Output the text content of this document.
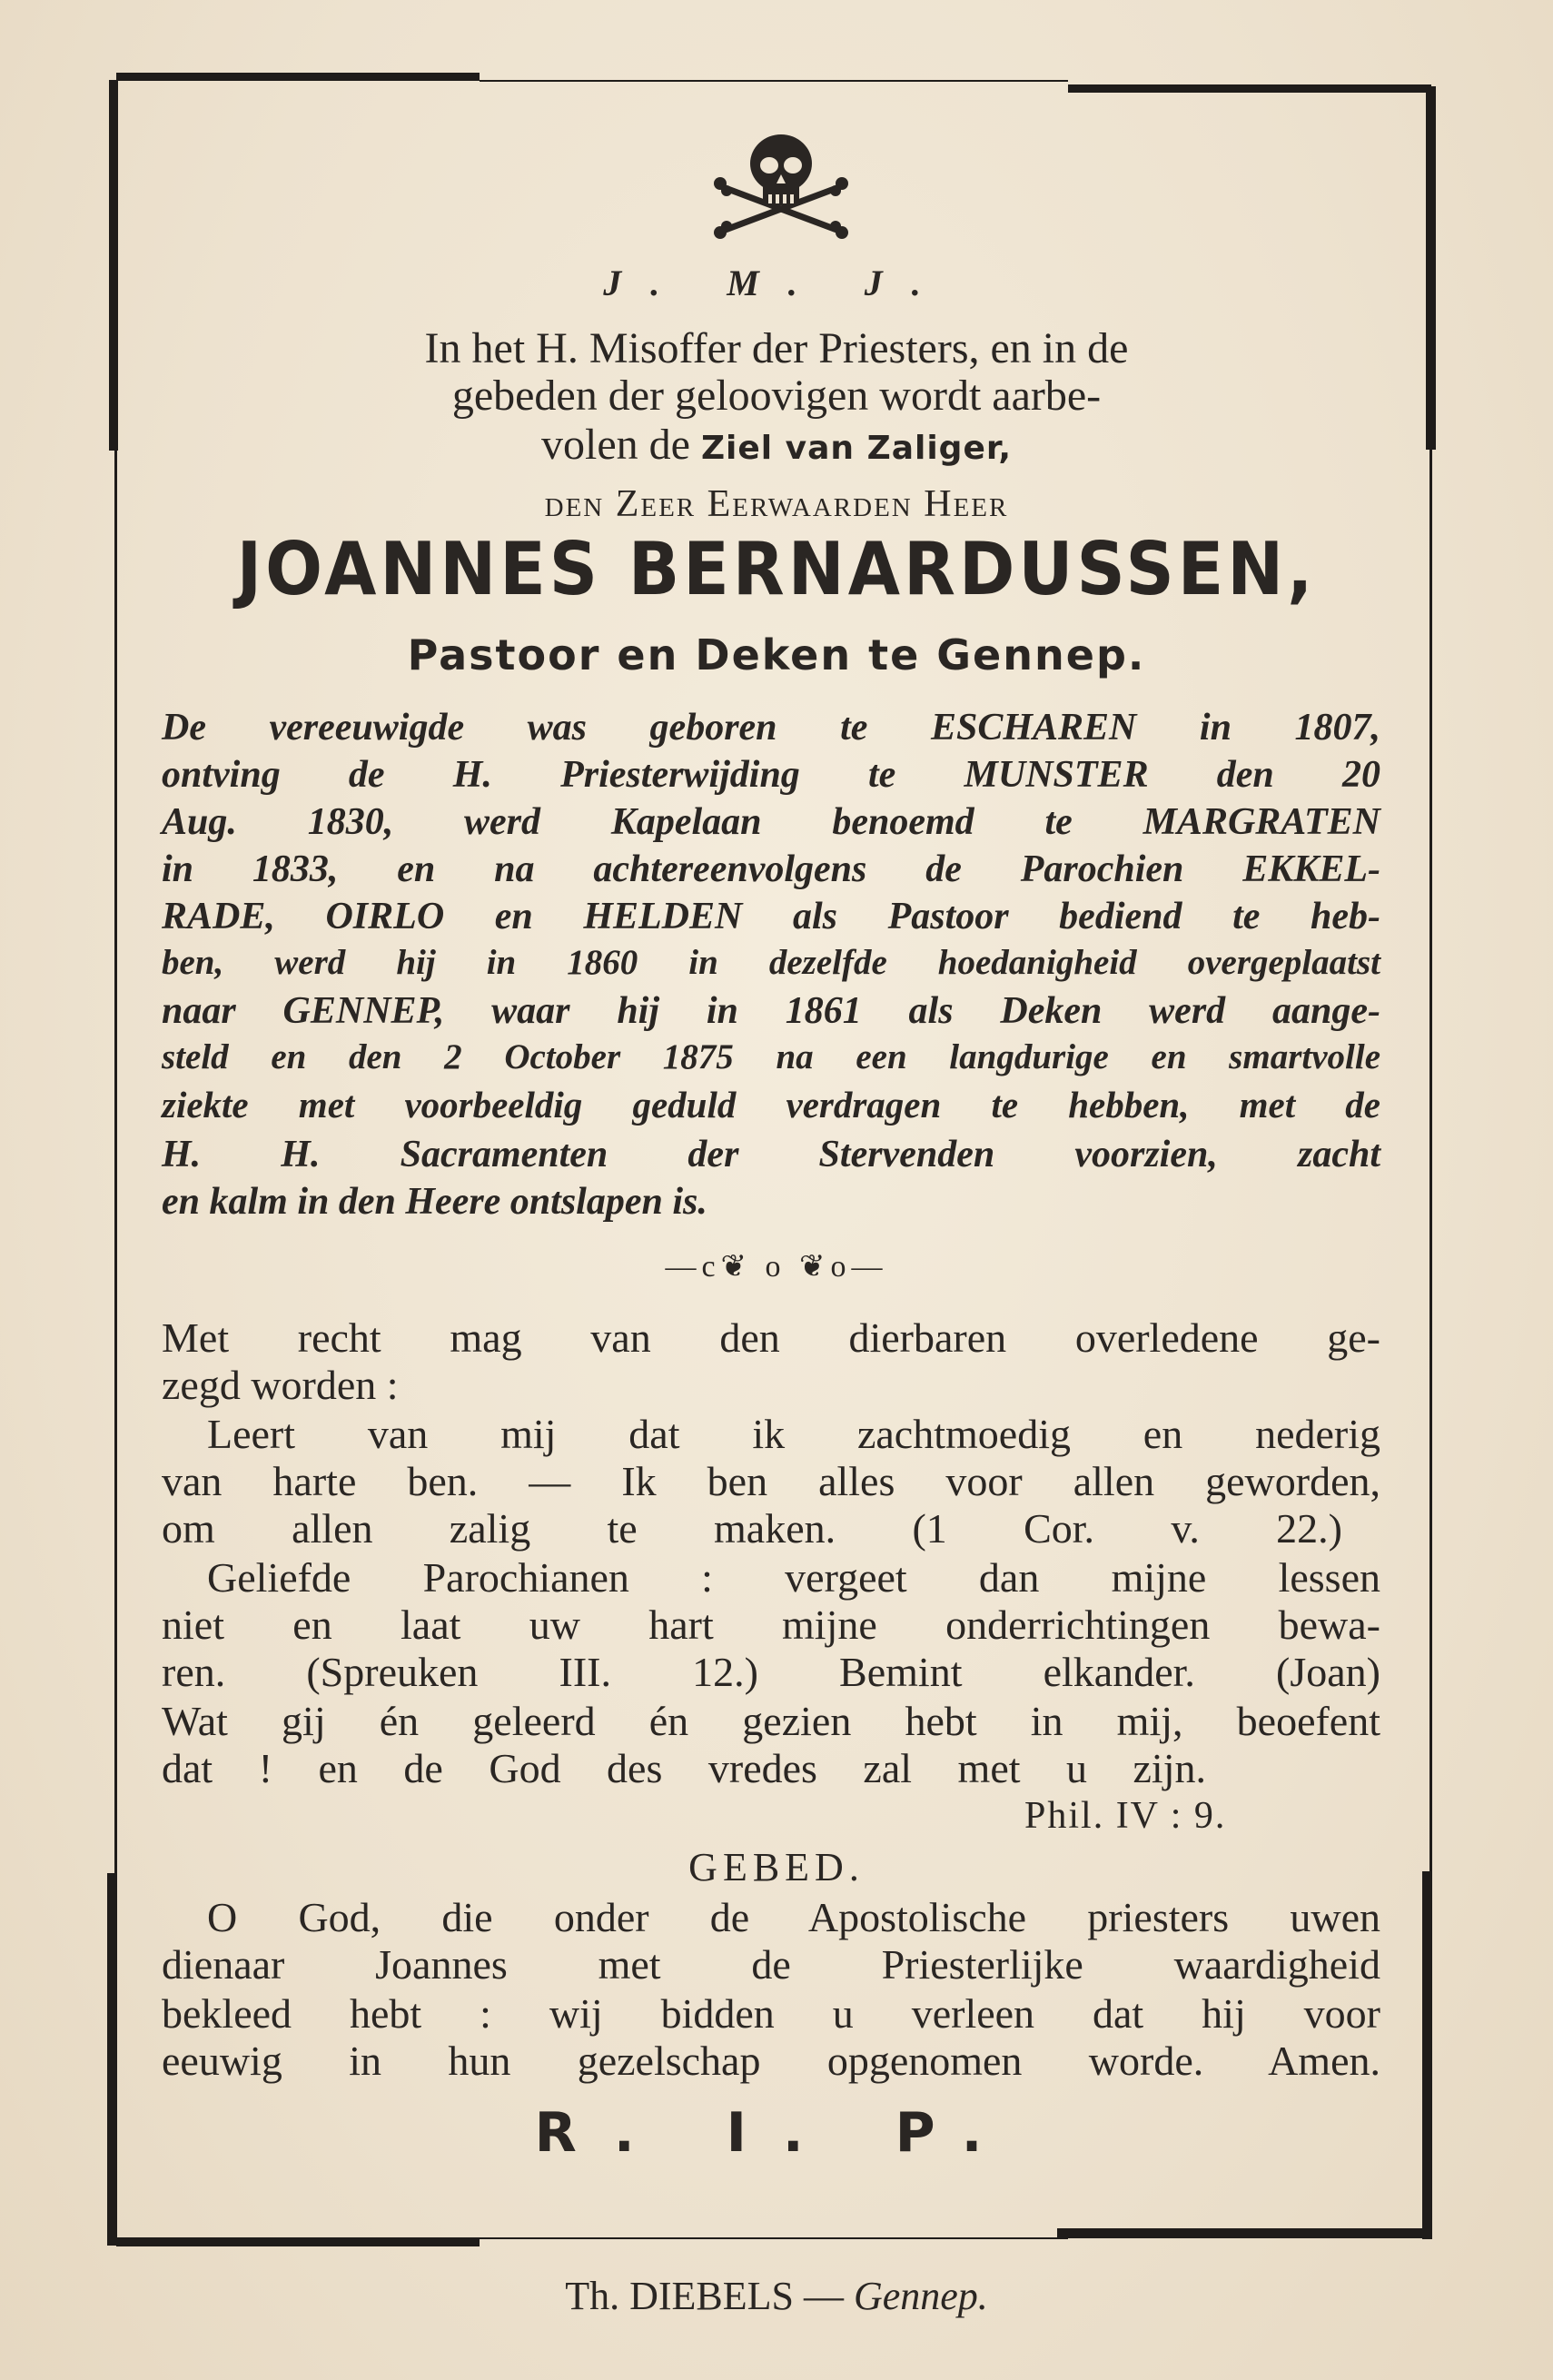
J. M. J.
In het H. Misoffer der Priesters, en in de
gebeden der geloovigen wordt aarbe-
volen de Ziel van Zaliger,
den Zeer Eerwaarden Heer
JOANNES BERNARDUSSEN,
Pastoor en Deken te Gennep.
De vereeuwigde was geboren te ESCHAREN in 1807,
ontving de H. Priesterwijding te MUNSTER den 20
Aug. 1830, werd Kapelaan benoemd te MARGRATEN
in 1833, en na achtereenvolgens de Parochien EKKEL-
RADE, OIRLO en HELDEN als Pastoor bediend te heb-
ben, werd hij in 1860 in dezelfde hoedanigheid overgeplaatst
naar GENNEP, waar hij in 1861 als Deken werd aange-
steld en den 2 October 1875 na een langdurige en smartvolle
ziekte met voorbeeldig geduld verdragen te hebben, met de
H. H. Sacramenten der Stervenden voorzien, zacht
en kalm in den Heere ontslapen is.
—c❦ o ❦o—
Met recht mag van den dierbaren overledene ge-
zegd worden :
Leert van mij dat ik zachtmoedig en nederig
van harte ben. — Ik ben alles voor allen geworden,
om allen zalig te maken. (1 Cor. v. 22.)
Geliefde Parochianen : vergeet dan mijne lessen
niet en laat uw hart mijne onderrichtingen bewa-
ren. (Spreuken III. 12.) Bemint elkander. (Joan)
Wat gij én geleerd én gezien hebt in mij, beoefent
dat ! en de God des vredes zal met u zijn.
Phil. IV : 9.
GEBED.
O God, die onder de Apostolische priesters uwen
dienaar Joannes met de Priesterlijke waardigheid
bekleed hebt : wij bidden u verleen dat hij voor
eeuwig in hun gezelschap opgenomen worde. Amen.
R. I. P.
Th. DIEBELS — Gennep.
